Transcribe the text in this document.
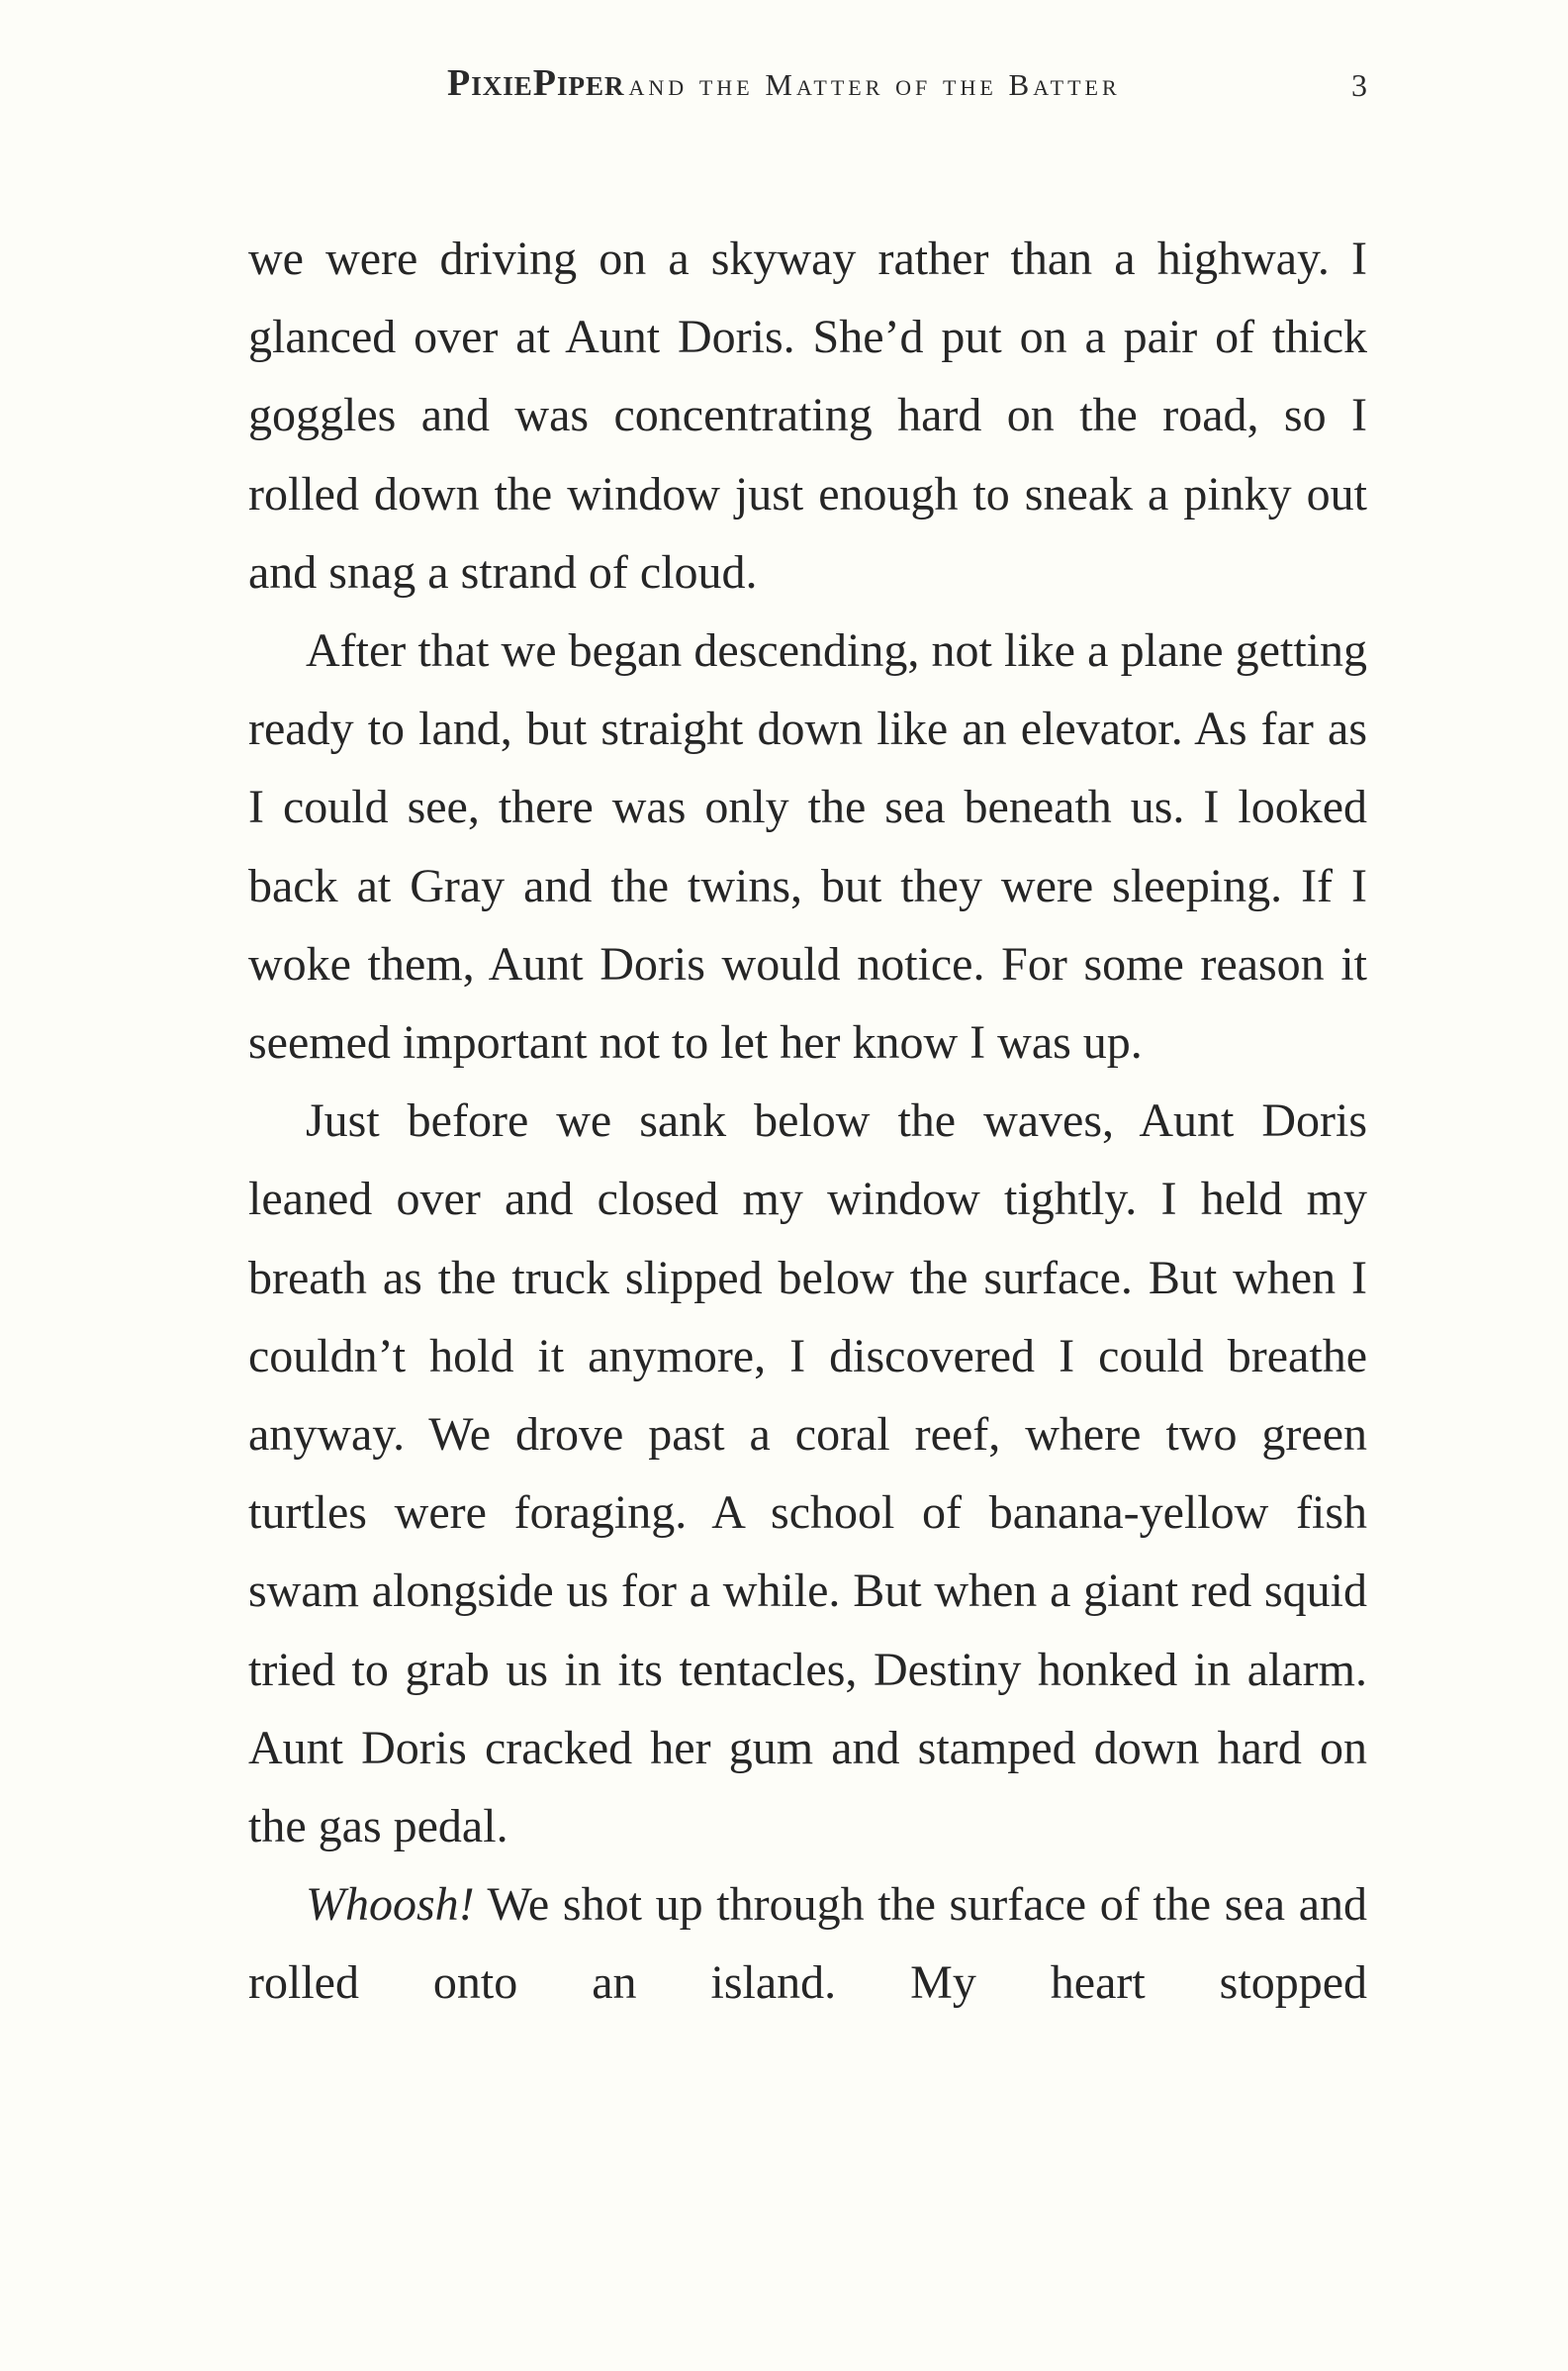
PixiePiper and the Matter of the Batter	3

we were driving on a skyway rather than a highway. I glanced over at Aunt Doris. She’d put on a pair of thick goggles and was concentrating hard on the road, so I rolled down the window just enough to sneak a pinky out and snag a strand of cloud.

After that we began descending, not like a plane getting ready to land, but straight down like an elevator. As far as I could see, there was only the sea beneath us. I looked back at Gray and the twins, but they were sleeping. If I woke them, Aunt Doris would notice. For some reason it seemed important not to let her know I was up.

Just before we sank below the waves, Aunt Doris leaned over and closed my window tightly. I held my breath as the truck slipped below the surface. But when I couldn’t hold it anymore, I discovered I could breathe anyway. We drove past a coral reef, where two green turtles were foraging. A school of banana-yellow fish swam alongside us for a while. But when a giant red squid tried to grab us in its tentacles, Destiny honked in alarm. Aunt Doris cracked her gum and stamped down hard on the gas pedal.

Whoosh! We shot up through the surface of the sea and rolled onto an island. My heart stopped
